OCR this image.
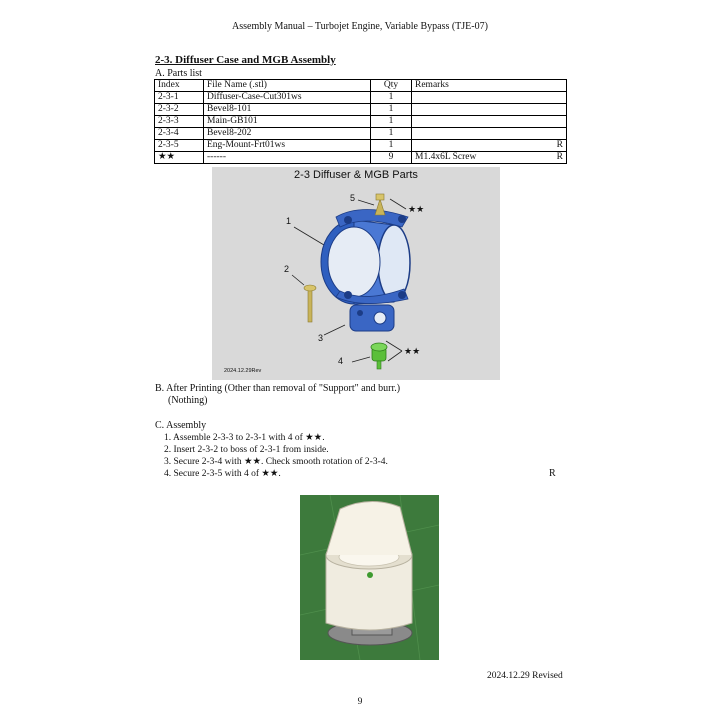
Assembly Manual – Turbojet Engine, Variable Bypass (TJE-07)
2-3. Diffuser Case and MGB Assembly
A. Parts list
Index	File Name (.stl)	Qty	Remarks
2-3-1	Diffuser-Case-Cut301ws	1	

2-3-2	Bevel8-101	1	

2-3-3	Main-GB101	1	

2-3-4	Bevel8-202	1	

2-3-5	Eng-Mount-Frt01ws	1	R

★★	------	9	M1.4x6L Screw R
2-3 Diffuser & MGB Parts
1
2
3
4
5
★★
★★
2024.12.29Rev
B. After Printing (Other than removal of "Support" and burr.)
(Nothing)
C. Assembly
1. Assemble 2-3-3 to 2-3-1 with 4 of ★★.
2. Insert 2-3-2 to boss of 2-3-1 from inside.
3. Secure 2-3-4 with ★★. Check smooth rotation of 2-3-4.
4. Secure 2-3-5 with 4 of ★★.	R
2024.12.29 Revised
9
